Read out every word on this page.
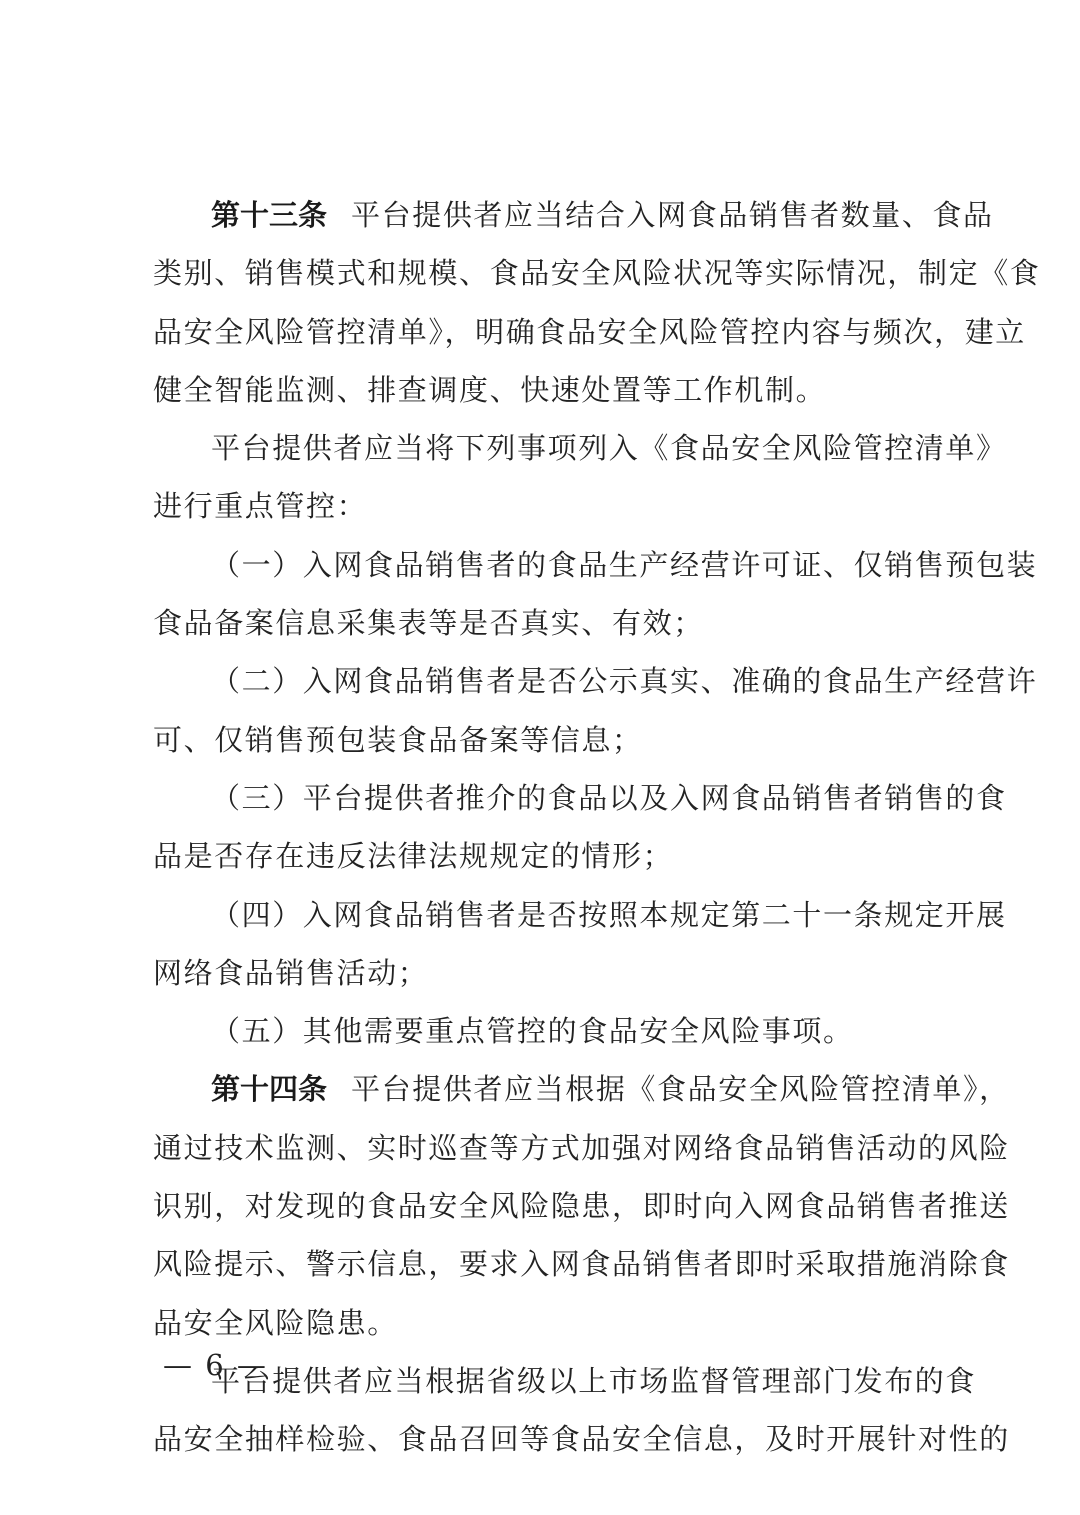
第十三条 平台提供者应当结合入网食品销售者数量、食品
类别、销售模式和规模、食品安全风险状况等实际情况，制定《食
品安全风险管控清单》，明确食品安全风险管控内容与频次，建立
健全智能监测、排查调度、快速处置等工作机制。
平台提供者应当将下列事项列入《食品安全风险管控清单》
进行重点管控：
（一）入网食品销售者的食品生产经营许可证、仅销售预包装
食品备案信息采集表等是否真实、有效；
（二）入网食品销售者是否公示真实、准确的食品生产经营许
可、仅销售预包装食品备案等信息；
（三）平台提供者推介的食品以及入网食品销售者销售的食
品是否存在违反法律法规规定的情形；
（四）入网食品销售者是否按照本规定第二十一条规定开展
网络食品销售活动；
（五）其他需要重点管控的食品安全风险事项。
第十四条 平台提供者应当根据《食品安全风险管控清单》，
通过技术监测、实时巡查等方式加强对网络食品销售活动的风险
识别，对发现的食品安全风险隐患，即时向入网食品销售者推送
风险提示、警示信息，要求入网食品销售者即时采取措施消除食
品安全风险隐患。
平台提供者应当根据省级以上市场监督管理部门发布的食
品安全抽样检验、食品召回等食品安全信息，及时开展针对性的
— 6 —
